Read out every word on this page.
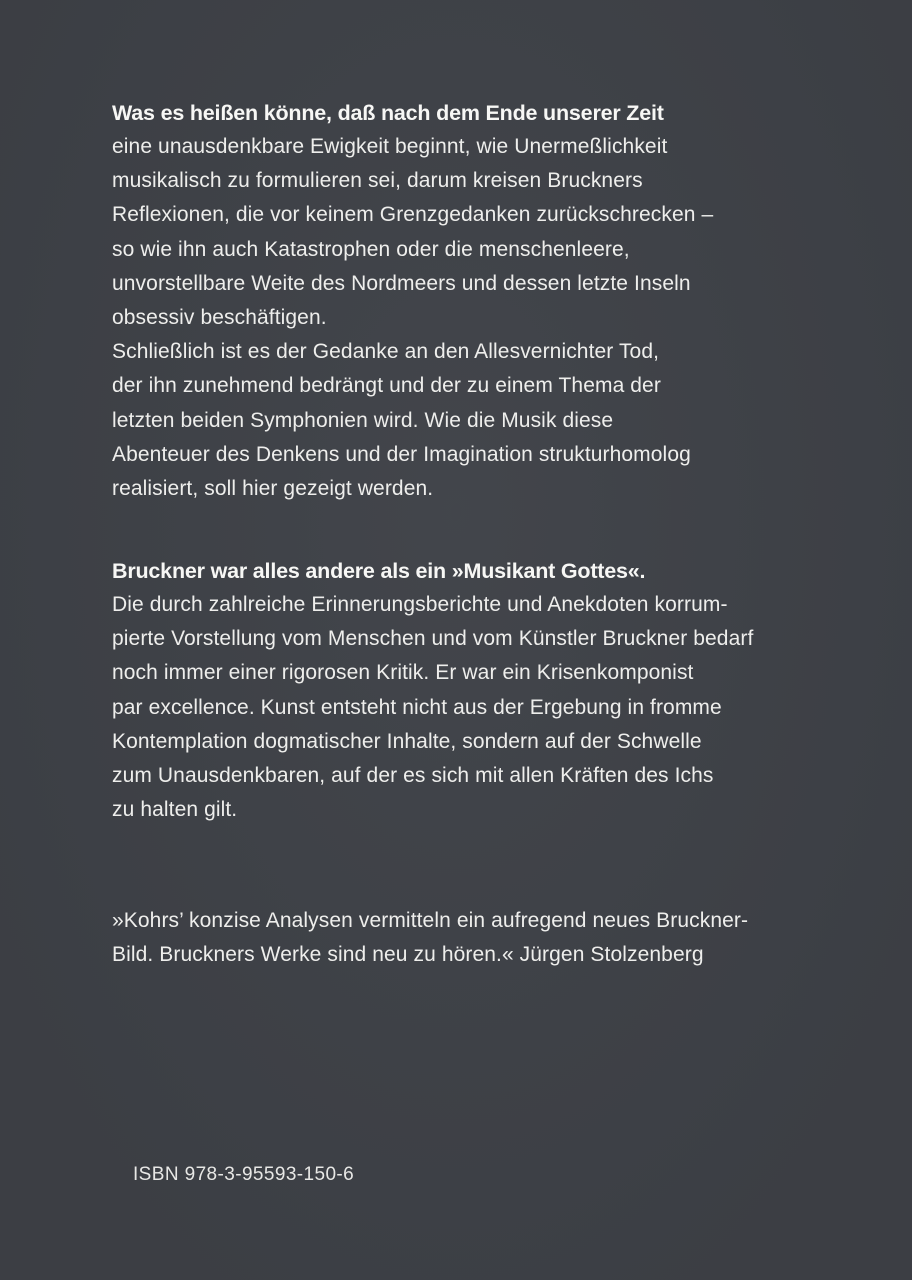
Was es heißen könne, daß nach dem Ende unserer Zeit
eine unausdenkbare Ewigkeit beginnt, wie Unermeßlichkeit
musikalisch zu formulieren sei, darum kreisen Bruckners
Reflexionen, die vor keinem Grenzgedanken zurückschrecken –
so wie ihn auch Katastrophen oder die menschenleere,
unvorstellbare Weite des Nordmeers und dessen letzte Inseln
obsessiv beschäftigen.
Schließlich ist es der Gedanke an den Allesvernichter Tod,
der ihn zunehmend bedrängt und der zu einem Thema der
letzten beiden Symphonien wird. Wie die Musik diese
Abenteuer des Denkens und der Imagination strukturhomolog
realisiert, soll hier gezeigt werden.
Bruckner war alles andere als ein »Musikant Gottes«.
Die durch zahlreiche Erinnerungsberichte und Anekdoten korrum-
pierte Vorstellung vom Menschen und vom Künstler Bruckner bedarf
noch immer einer rigorosen Kritik. Er war ein Krisenkomponist
par excellence. Kunst entsteht nicht aus der Ergebung in fromme
Kontemplation dogmatischer Inhalte, sondern auf der Schwelle
zum Unausdenkbaren, auf der es sich mit allen Kräften des Ichs
zu halten gilt.
»Kohrs’ konzise Analysen vermitteln ein aufregend neues Bruckner-
Bild. Bruckners Werke sind neu zu hören.« Jürgen Stolzenberg
ISBN 978-3-95593-150-6
